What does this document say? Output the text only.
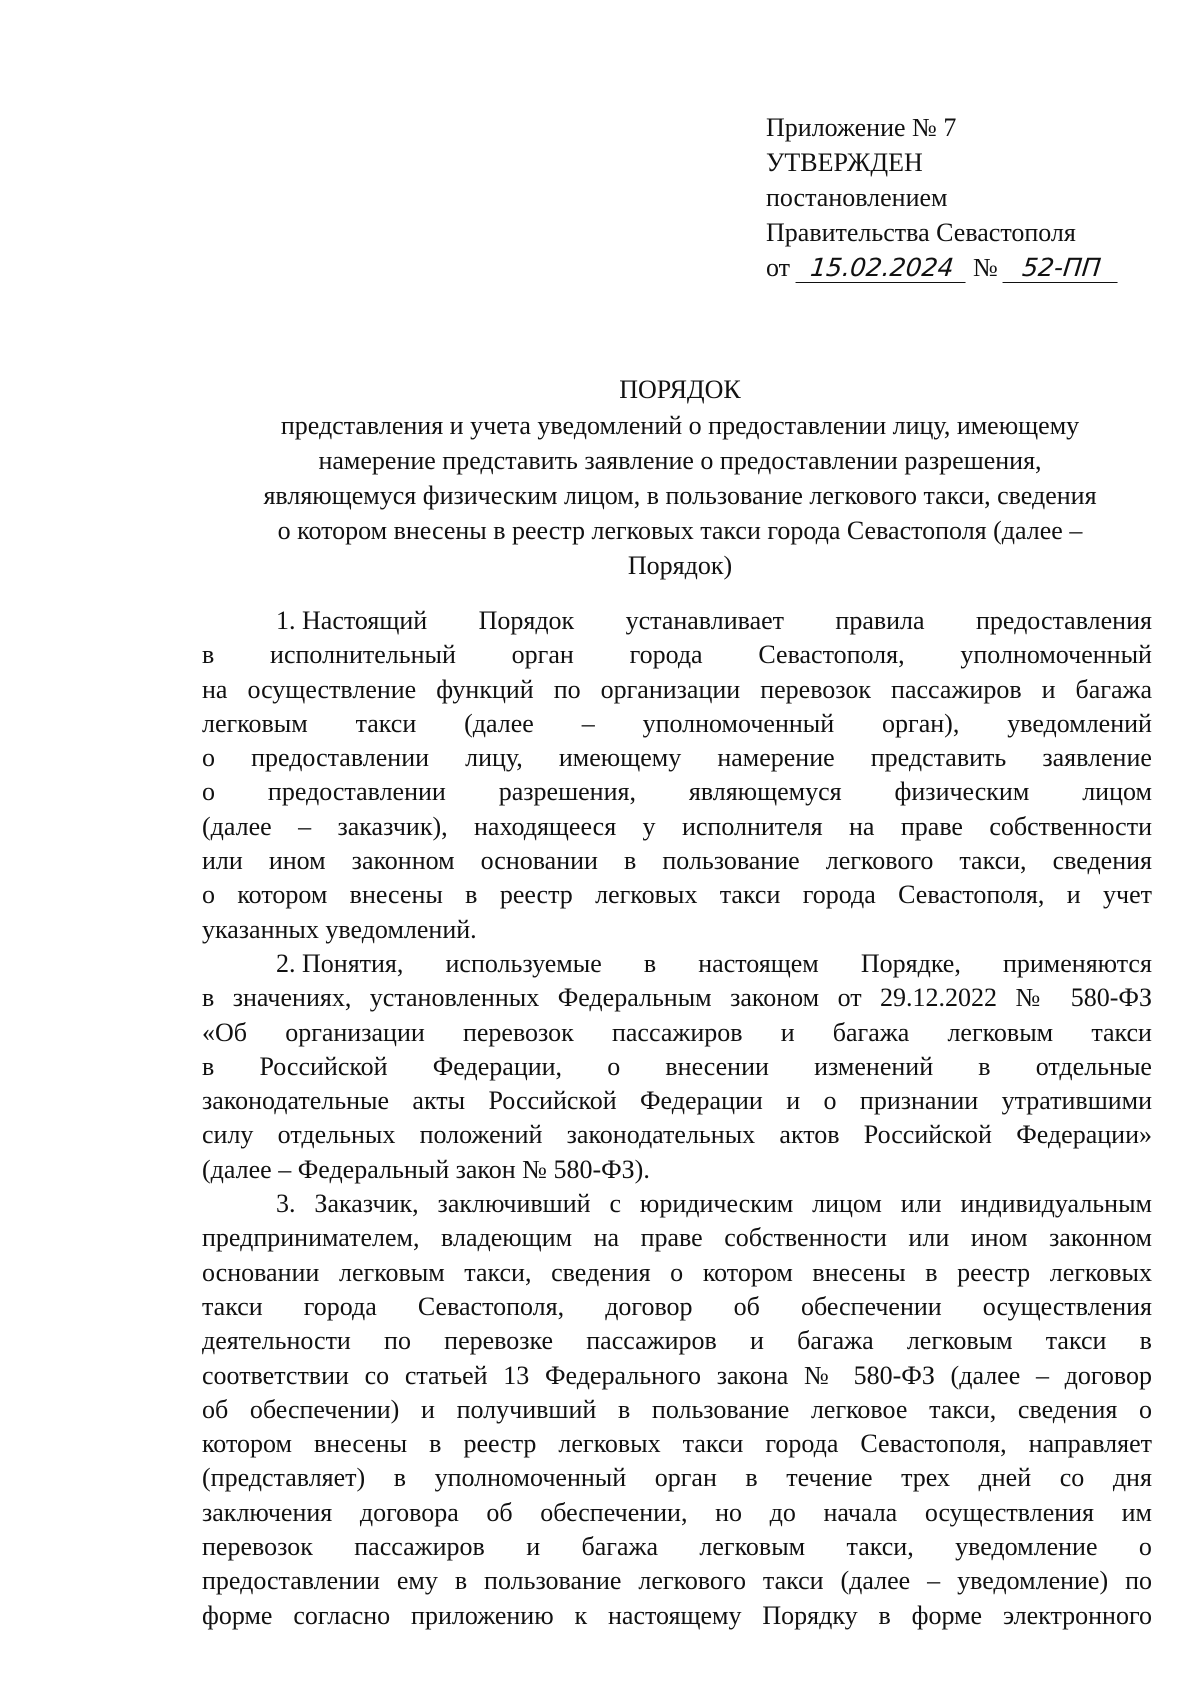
Приложение № 7
УТВЕРЖДЕН
постановлением
Правительства Севастополя
от 15.02.2024 № 52-ПП
ПОРЯДОК
представления и учета уведомлений о предоставлении лицу, имеющему
намерение представить заявление о предоставлении разрешения,
являющемуся физическим лицом, в пользование легкового такси, сведения
о котором внесены в реестр легковых такси города Севастополя (далее –
Порядок)
1. Настоящий Порядок устанавливает правила предоставления
в исполнительный орган города Севастополя, уполномоченный
на осуществление функций по организации перевозок пассажиров и багажа
легковым такси (далее – уполномоченный орган), уведомлений
о предоставлении лицу, имеющему намерение представить заявление
о предоставлении разрешения, являющемуся физическим лицом
(далее – заказчик), находящееся у исполнителя на праве собственности
или ином законном основании в пользование легкового такси, сведения
о котором внесены в реестр легковых такси города Севастополя, и учет
указанных уведомлений.
2. Понятия, используемые в настоящем Порядке, применяются
в значениях, установленных Федеральным законом от 29.12.2022 № 580-ФЗ
«Об организации перевозок пассажиров и багажа легковым такси
в Российской Федерации, о внесении изменений в отдельные
законодательные акты Российской Федерации и о признании утратившими
силу отдельных положений законодательных актов Российской Федерации»
(далее – Федеральный закон № 580-ФЗ).
3. Заказчик, заключивший с юридическим лицом или индивидуальным
предпринимателем, владеющим на праве собственности или ином законном
основании легковым такси, сведения о котором внесены в реестр легковых
такси города Севастополя, договор об обеспечении осуществления
деятельности по перевозке пассажиров и багажа легковым такси в
соответствии со статьей 13 Федерального закона № 580-ФЗ (далее – договор
об обеспечении) и получивший в пользование легковое такси, сведения о
котором внесены в реестр легковых такси города Севастополя, направляет
(представляет) в уполномоченный орган в течение трех дней со дня
заключения договора об обеспечении, но до начала осуществления им
перевозок пассажиров и багажа легковым такси, уведомление о
предоставлении ему в пользование легкового такси (далее – уведомление) по
форме согласно приложению к настоящему Порядку в форме электронного
